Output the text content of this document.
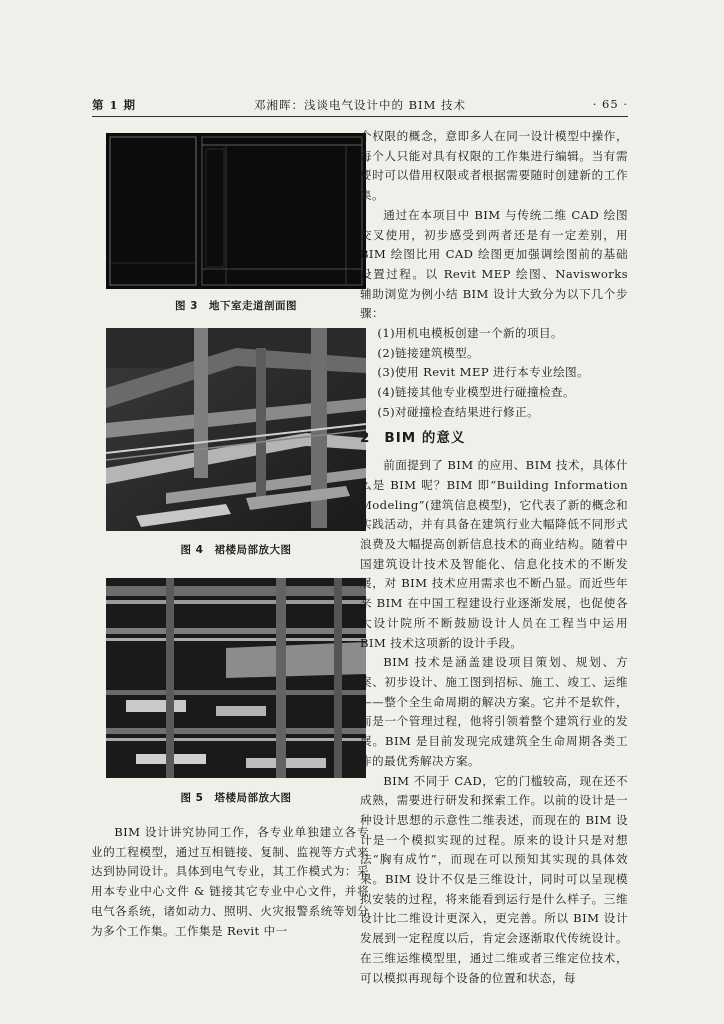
第 1 期	邓湘晖：浅谈电气设计中的 BIM 技术	· 65 ·
图 3　地下室走道剖面图
图 4　裙楼局部放大图
图 5　塔楼局部放大图

BIM 设计讲究协同工作，各专业单独建立各专业的工程模型，通过互相链接、复制、监视等方式来达到协同设计。具体到电气专业，其工作模式为：采用本专业中心文件 & 链接其它专业中心文件，并将电气各系统，诸如动力、照明、火灾报警系统等划分为多个工作集。工作集是 Revit 中一

个权限的概念，意即多人在同一设计模型中操作，每个人只能对具有权限的工作集进行编辑。当有需要时可以借用权限或者根据需要随时创建新的工作集。

通过在本项目中 BIM 与传统二维 CAD 绘图交叉使用，初步感受到两者还是有一定差别，用 BIM 绘图比用 CAD 绘图更加强调绘图前的基础设置过程。以 Revit MEP 绘图、Navisworks 辅助浏览为例小结 BIM 设计大致分为以下几个步骤：

(1)用机电模板创建一个新的项目。

(2)链接建筑模型。

(3)使用 Revit MEP 进行本专业绘图。

(4)链接其他专业模型进行碰撞检查。

(5)对碰撞检查结果进行修正。

2 BIM 的意义

前面提到了 BIM 的应用、BIM 技术，具体什么是 BIM 呢？BIM 即“Building Information Modeling”(建筑信息模型)，它代表了新的概念和实践活动，并有具备在建筑行业大幅降低不同形式浪费及大幅提高创新信息技术的商业结构。随着中国建筑设计技术及智能化、信息化技术的不断发展，对 BIM 技术应用需求也不断凸显。而近些年来 BIM 在中国工程建设行业逐渐发展，也促使各大设计院所不断鼓励设计人员在工程当中运用 BIM 技术这项新的设计手段。

BIM 技术是涵盖建设项目策划、规划、方案、初步设计、施工图到招标、施工、竣工、运维——整个全生命周期的解决方案。它并不是软件，而是一个管理过程，他将引领着整个建筑行业的发展。BIM 是目前发现完成建筑全生命周期各类工作的最优秀解决方案。

BIM 不同于 CAD，它的门槛较高，现在还不成熟，需要进行研发和探索工作。以前的设计是一种设计思想的示意性二维表述，而现在的 BIM 设计是一个模拟实现的过程。原来的设计只是对想法“胸有成竹”，而现在可以预知其实现的具体效果。BIM 设计不仅是三维设计，同时可以呈现模拟安装的过程，将来能看到运行是什么样子。三维设计比二维设计更深入，更完善。所以 BIM 设计发展到一定程度以后，肯定会逐渐取代传统设计。在三维运维模型里，通过二维或者三维定位技术，可以模拟再现每个设备的位置和状态，每
